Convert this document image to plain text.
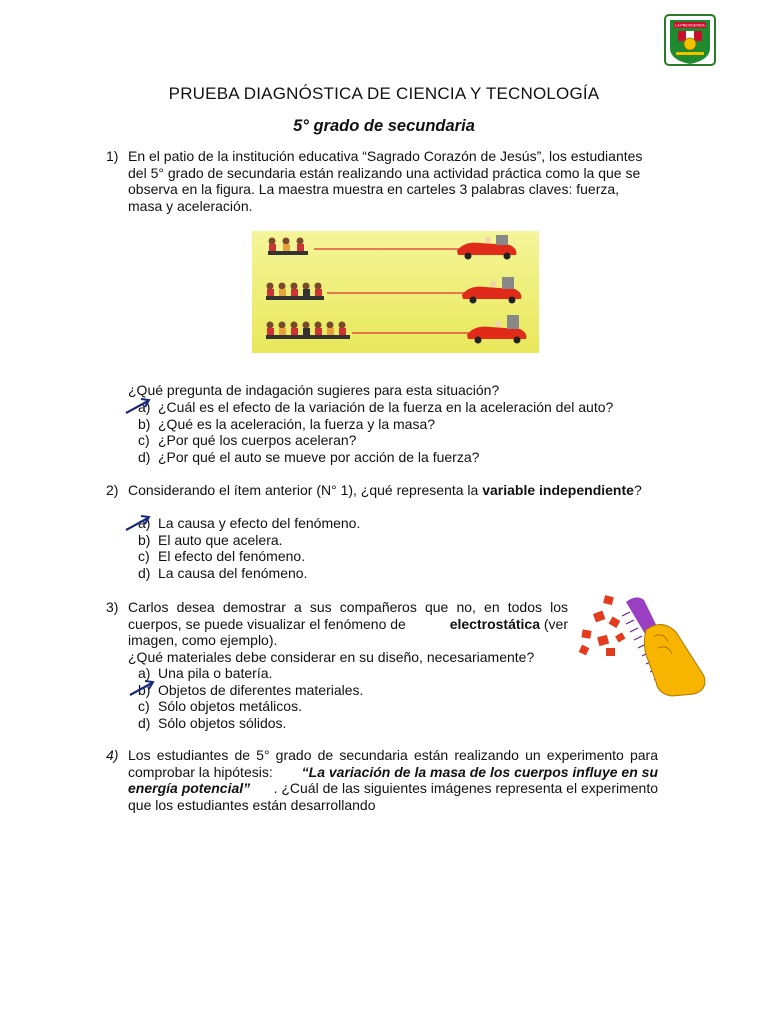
LA PREVIDENCIA
PRUEBA DIAGNÓSTICA DE CIENCIA Y TECNOLOGÍA
5° grado de secundaria
1) En el patio de la institución educativa “Sagrado Corazón de Jesús”, los estudiantes
del 5° grado de secundaria están realizando una actividad práctica como la que se
observa en la figura. La maestra muestra en carteles 3 palabras claves: fuerza,
masa y aceleración.
¿Qué pregunta de indagación sugieres para esta situación?
a) ¿Cuál es el efecto de la variación de la fuerza en la aceleración del auto?
b) ¿Qué es la aceleración, la fuerza y la masa?
c) ¿Por qué los cuerpos aceleran?
d) ¿Por qué el auto se mueve por acción de la fuerza?
2) Considerando el ítem anterior (N° 1), ¿qué representa la variable independiente?
a) La causa y efecto del fenómeno.
b) El auto que acelera.
c) El efecto del fenómeno.
d) La causa del fenómeno.
3) Carlos desea demostrar a sus compañeros que no, en todos los
cuerpos, se puede visualizar el fenómeno de	electrostática (ver
imagen, como ejemplo).
¿Qué materiales debe considerar en su diseño, necesariamente?
a) Una pila o batería.
b) Objetos de diferentes materiales.
c) Sólo objetos metálicos.
d) Sólo objetos sólidos.
4) Los estudiantes de 5° grado de secundaria están realizando un experimento para
comprobar la hipótesis: “La variación de la masa de los cuerpos influye en su
energía potencial” . ¿Cuál de las siguientes imágenes representa el experimento
que los estudiantes están desarrollando
